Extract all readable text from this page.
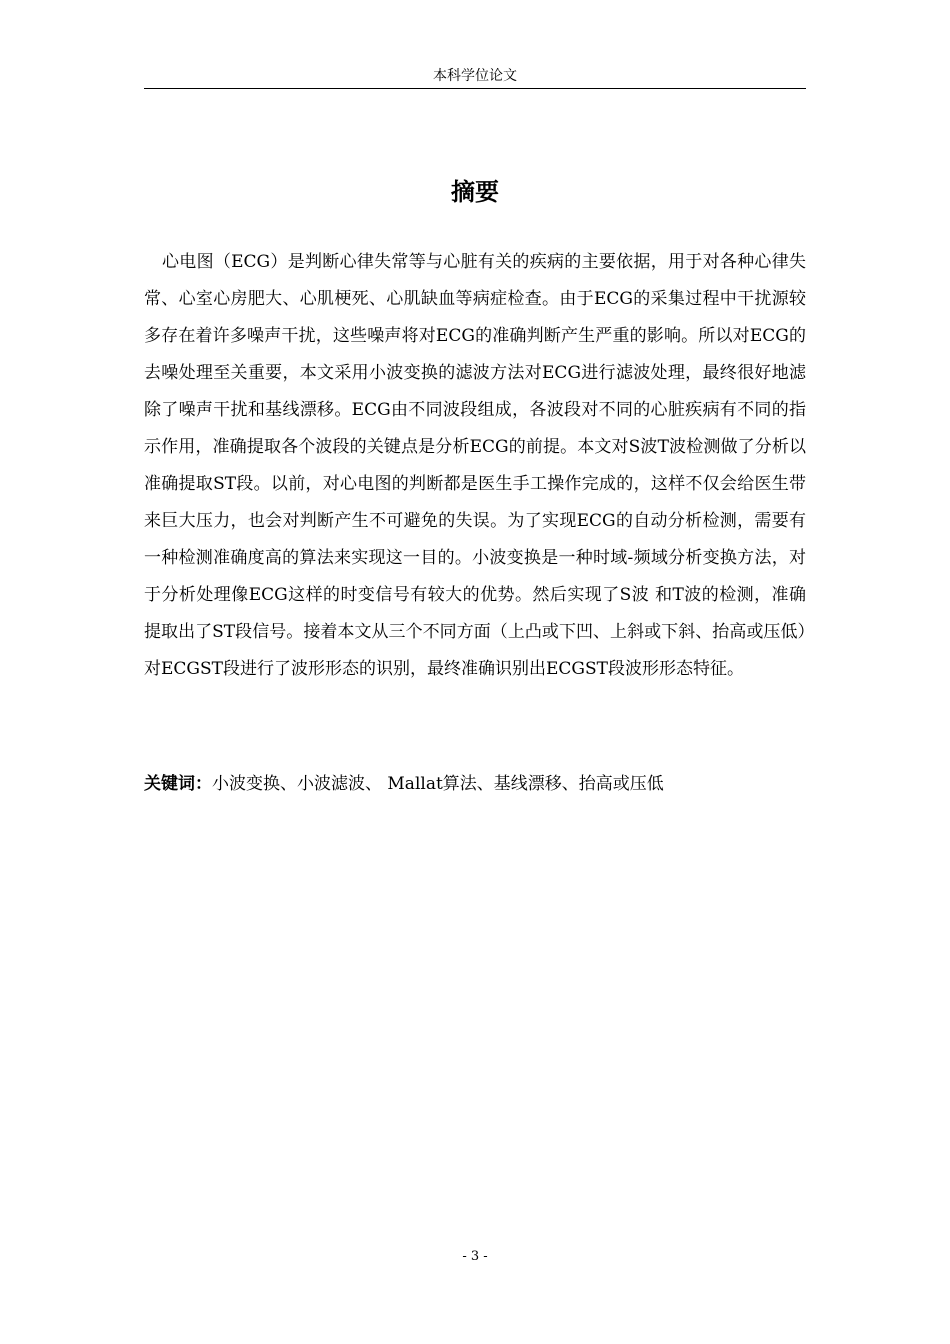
本科学位论文
摘要

心电图（ECG）是判断心律失常等与心脏有关的疾病的主要依据，用于对各种心律失常、心室心房肥大、心肌梗死、心肌缺血等病症检查。由于ECG的采集过程中干扰源较多存在着许多噪声干扰，这些噪声将对ECG的准确判断产生严重的影响。所以对ECG的去噪处理至关重要，本文采用小波变换的滤波方法对ECG进行滤波处理，最终很好地滤除了噪声干扰和基线漂移。ECG由不同波段组成，各波段对不同的心脏疾病有不同的指示作用，准确提取各个波段的关键点是分析ECG的前提。本文对S波T波检测做了分析以准确提取ST段。以前，对心电图的判断都是医生手工操作完成的，这样不仅会给医生带来巨大压力，也会对判断产生不可避免的失误。为了实现ECG的自动分析检测，需要有一种检测准确度高的算法来实现这一目的。小波变换是一种时域-频域分析变换方法，对于分析处理像ECG这样的时变信号有较大的优势。然后实现了S波 和T波的检测，准确提取出了ST段信号。接着本文从三个不同方面（上凸或下凹、上斜或下斜、抬高或压低）对ECGST段进行了波形形态的识别，最终准确识别出ECGST段波形形态特征。

关键词：小波变换、小波滤波、 Mallat算法、基线漂移、抬高或压低
- 3 -
